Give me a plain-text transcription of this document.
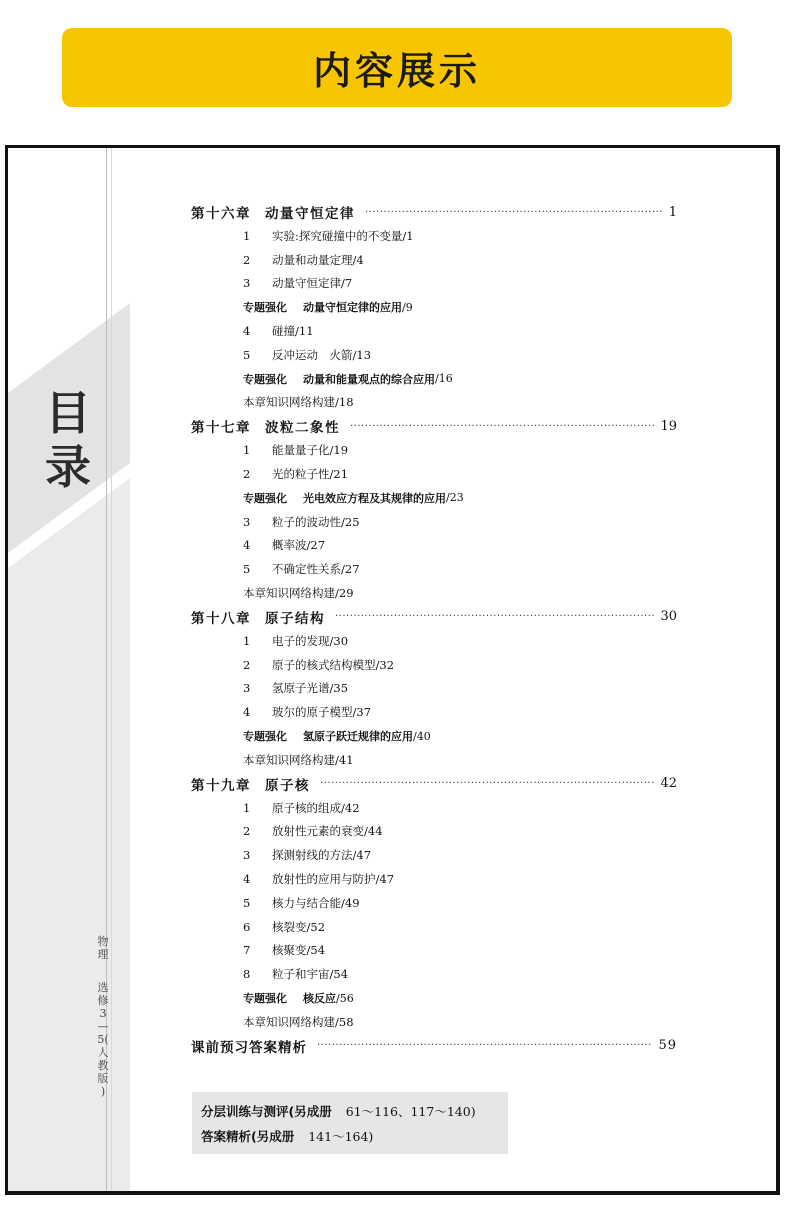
内容展示
CONTENTS
目录
物理
选修3—5(人教版)
第十六章 动量守恒定律 ·····	1
1	实验:探究碰撞中的不变量/1
2	动量和动量定理/4
3	动量守恒定律/7
专题强化 动量守恒定律的应用 /9
4	碰撞/11
5	反冲运动　火箭/13
专题强化 动量和能量观点的综合应用 /16
本章知识网络构建/18
第十七章 波粒二象性 ·····	19
1	能量量子化/19
2	光的粒子性/21
专题强化 光电效应方程及其规律的应用 /23
3	粒子的波动性/25
4	概率波/27
5	不确定性关系/27
本章知识网络构建/29
第十八章 原子结构 ·····	30
1	电子的发现/30
2	原子的核式结构模型/32
3	氢原子光谱/35
4	玻尔的原子模型/37
专题强化 氢原子跃迁规律的应用 /40
本章知识网络构建/41
第十九章 原子核 ·····	42
1	原子核的组成/42
2	放射性元素的衰变/44
3	探测射线的方法/47
4	放射性的应用与防护/47
5	核力与结合能/49
6	核裂变/52
7	核聚变/54
8	粒子和宇宙/54
专题强化 核反应 /56
本章知识网络构建/58
课前预习答案精析 ·····	59
分层训练与测评(另成册 61～116、117～140)
答案精析(另成册 141～164)
